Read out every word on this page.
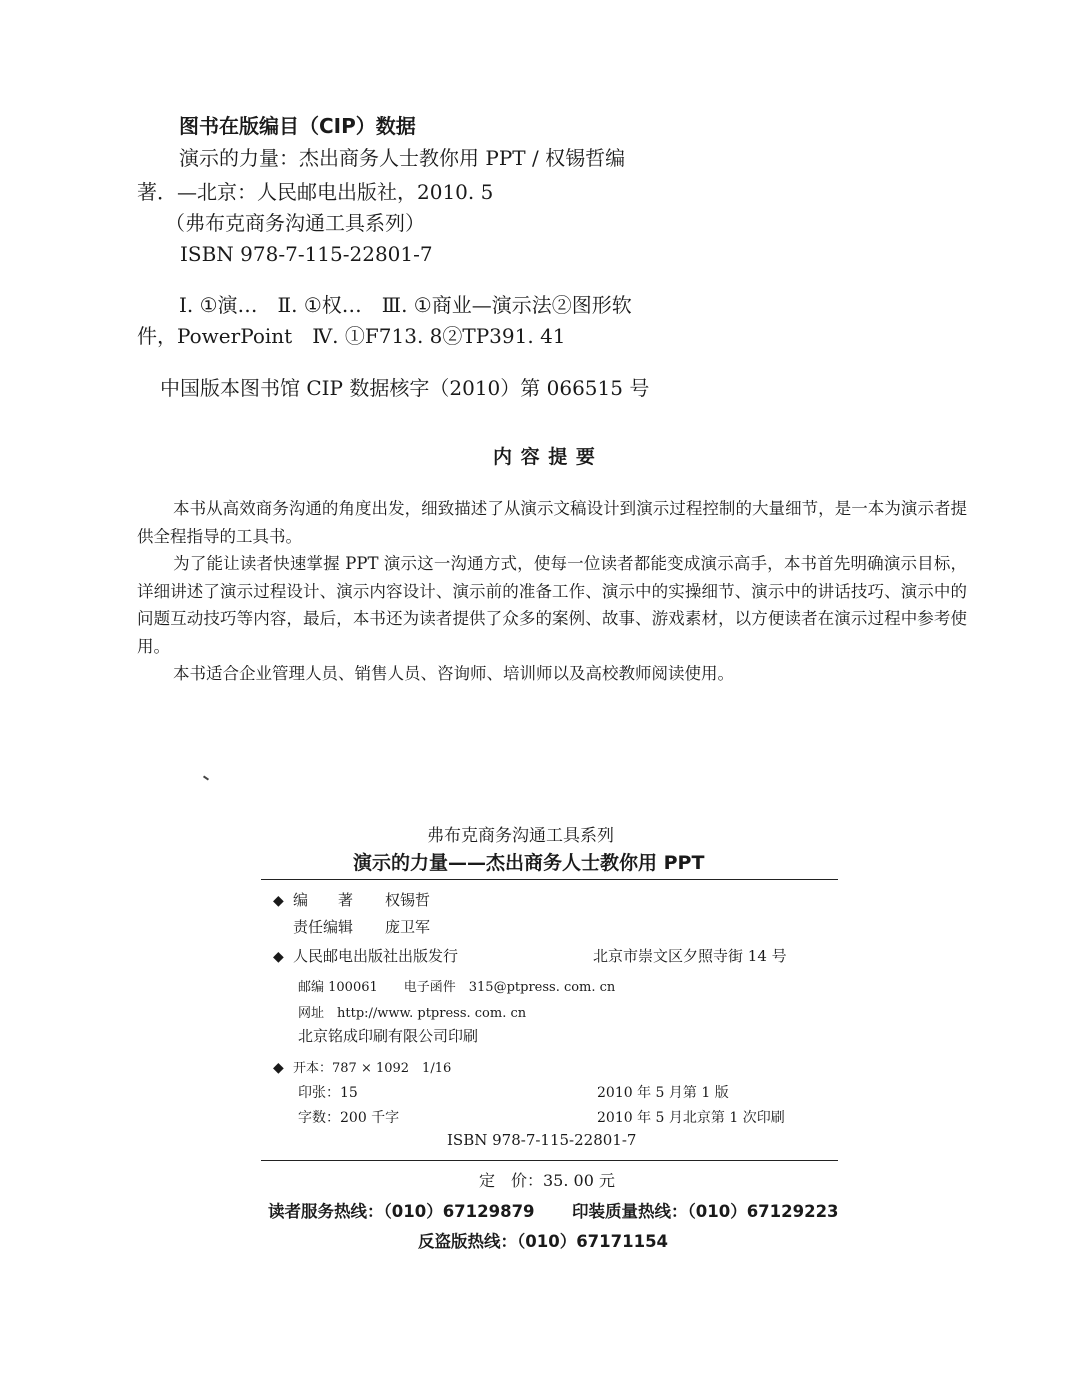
图书在版编目（CIP）数据
演示的力量：杰出商务人士教你用 PPT / 权锡哲编
著．—北京：人民邮电出版社，2010. 5
（弗布克商务沟通工具系列）
ISBN 978-7-115-22801-7
Ⅰ. ①演…　Ⅱ. ①权…　Ⅲ. ①商业—演示法②图形软
件，PowerPoint　Ⅳ. ①F713. 8②TP391. 41
中国版本图书馆 CIP 数据核字（2010）第 066515 号
内 容 提 要
本书从高效商务沟通的角度出发，细致描述了从演示文稿设计到演示过程控制的大量细节，是一本为演示者提供全程指导的工具书。
为了能让读者快速掌握 PPT 演示这一沟通方式，使每一位读者都能变成演示高手，本书首先明确演示目标，详细讲述了演示过程设计、演示内容设计、演示前的准备工作、演示中的实操细节、演示中的讲话技巧、演示中的问题互动技巧等内容，最后，本书还为读者提供了众多的案例、故事、游戏素材，以方便读者在演示过程中参考使用。
本书适合企业管理人员、销售人员、咨询师、培训师以及高校教师阅读使用。
弗布克商务沟通工具系列
演示的力量——杰出商务人士教你用 PPT
◆ 编　　著 权锡哲
责任编辑 庞卫军
◆ 人民邮电出版社出版发行	北京市崇文区夕照寺街 14 号
邮编 100061　　电子函件　315@ptpress. com. cn
网址　http://www. ptpress. com. cn
北京铭成印刷有限公司印刷
◆ 开本：787 × 1092　1/16
印张：15	2010 年 5 月第 1 版
字数：200 千字	2010 年 5 月北京第 1 次印刷
ISBN 978-7-115-22801-7
定　价：35. 00 元
读者服务热线：（010）67129879 印装质量热线：（010）67129223
反盗版热线：（010）67171154
